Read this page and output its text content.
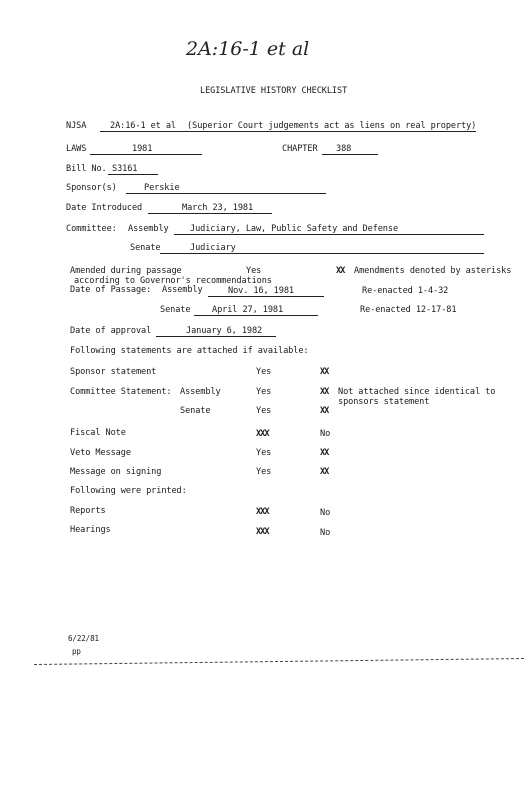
2A:16-1 et al
LEGISLATIVE HISTORY CHECKLIST
NJSA	2A:16-1 et al (Superior Court judgements act as liens on real property)
LAWS	1981	CHAPTER	388
Bill No. S3161
Sponsor(s)	Perskie
Date Introduced	March 23, 1981
Committee: Assembly	Judiciary, Law, Public Safety and Defense
Senate	Judiciary
Amended during passage	Yes	XX Amendments denoted by asterisks
according to Governor's recommendations
Date of Passage: Assembly	Nov. 16, 1981	Re-enacted 1-4-32
Senate	April 27, 1981	Re-enacted 12-17-81
Date of approval	January 6, 1982
Following statements are attached if available:
Sponsor statement	Yes	XX
Committee Statement: Assembly	Yes	XX Not attached since identical to
sponsors statement
Senate	Yes	XX
Fiscal Note	XXX	No
Veto Message	Yes	XX
Message on signing	Yes	XX
Following were printed:
Reports	XXX	No
Hearings	XXX	No
6/22/81
pp
